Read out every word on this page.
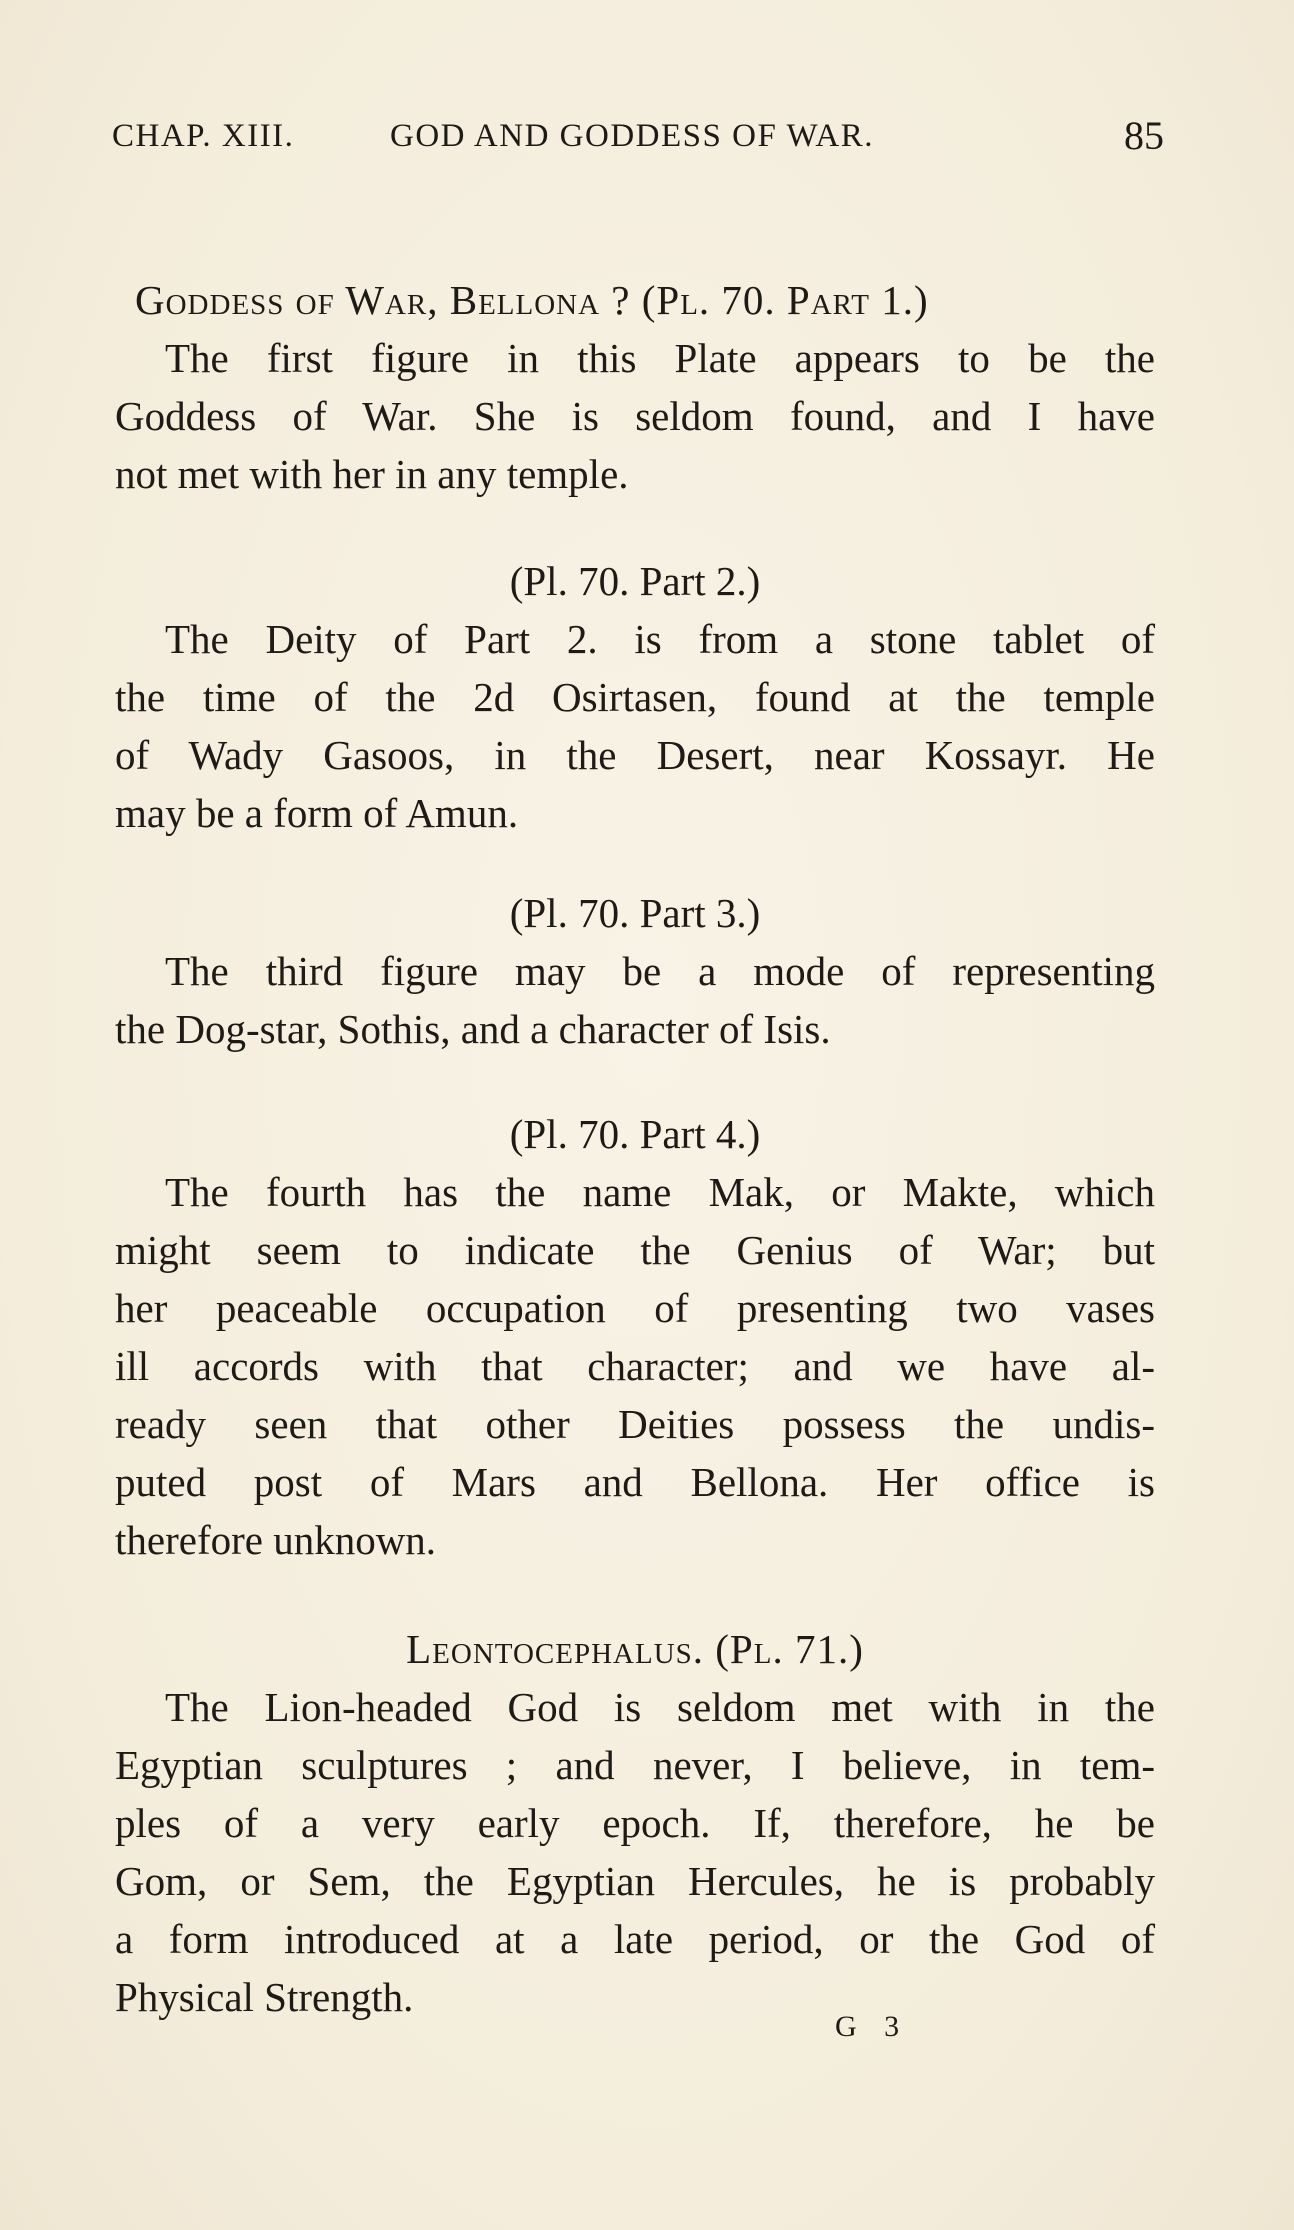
CHAP. XIII.	GOD AND GODDESS OF WAR.	85
Goddess of War, Bellona ? (Pl. 70. Part 1.)
The first figure in this Plate appears to be the
Goddess of War. She is seldom found, and I have
not met with her in any temple.
(Pl. 70. Part 2.)
The Deity of Part 2. is from a stone tablet of
the time of the 2d Osirtasen, found at the temple
of Wady Gasoos, in the Desert, near Kossayr. He
may be a form of Amun.
(Pl. 70. Part 3.)
The third figure may be a mode of representing
the Dog-star, Sothis, and a character of Isis.
(Pl. 70. Part 4.)
The fourth has the name Mak, or Makte, which
might seem to indicate the Genius of War; but
her peaceable occupation of presenting two vases
ill accords with that character; and we have al-
ready seen that other Deities possess the undis-
puted post of Mars and Bellona. Her office is
therefore unknown.
Leontocephalus. (Pl. 71.)
The Lion-headed God is seldom met with in the
Egyptian sculptures ; and never, I believe, in tem-
ples of a very early epoch. If, therefore, he be
Gom, or Sem, the Egyptian Hercules, he is probably
a form introduced at a late period, or the God of
Physical Strength.
G 3
